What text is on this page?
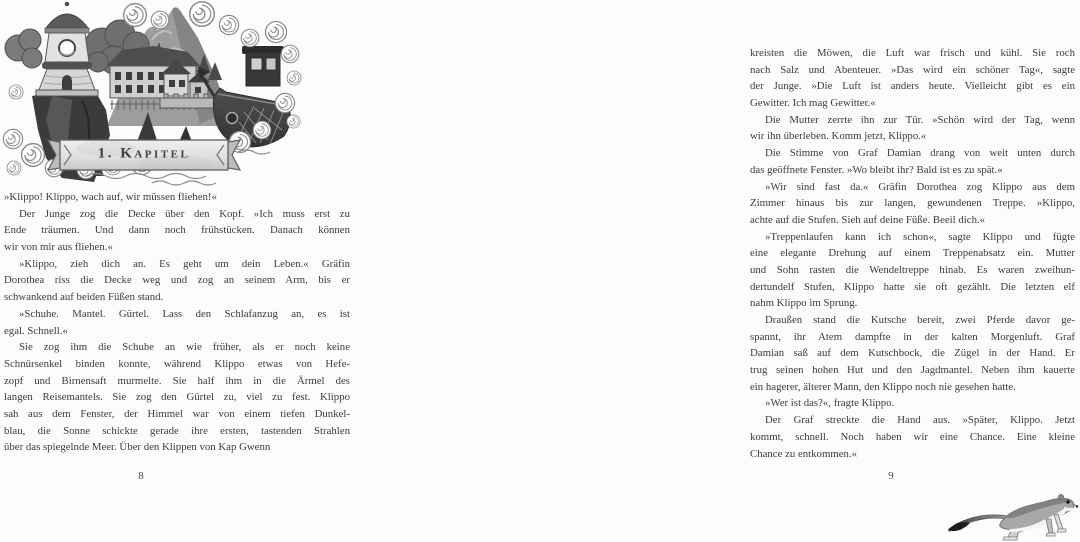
1. Kapitel
»Klippo! Klippo, wach auf, wir müssen fliehen!«
Der Junge zog die Decke über den Kopf. »Ich muss erst zu
Ende träumen. Und dann noch frühstücken. Danach können
wir von mir aus fliehen.«
»Klippo, zieh dich an. Es geht um dein Leben.« Gräfin
Dorothea riss die Decke weg und zog an seinem Arm, bis er
schwankend auf beiden Füßen stand.
»Schuhe. Mantel. Gürtel. Lass den Schlafanzug an, es ist
egal. Schnell.«
Sie zog ihm die Schuhe an wie früher, als er noch keine
Schnürsenkel binden konnte, während Klippo etwas von Hefe-
zopf und Birnensaft murmelte. Sie half ihm in die Ärmel des
langen Reisemantels. Sie zog den Gürtel zu, viel zu fest. Klippo
sah aus dem Fenster, der Himmel war von einem tiefen Dunkel-
blau, die Sonne schickte gerade ihre ersten, tastenden Strahlen
über das spiegelnde Meer. Über den Klippen von Kap Gwenn
8
kreisten die Möwen, die Luft war frisch und kühl. Sie roch
nach Salz und Abenteuer. »Das wird ein schöner Tag«, sagte
der Junge. »Die Luft ist anders heute. Vielleicht gibt es ein
Gewitter. Ich mag Gewitter.«
Die Mutter zerrte ihn zur Tür. »Schön wird der Tag, wenn
wir ihn überleben. Komm jetzt, Klippo.«
Die Stimme von Graf Damian drang von weit unten durch
das geöffnete Fenster. »Wo bleibt ihr? Bald ist es zu spät.«
»Wir sind fast da.« Gräfin Dorothea zog Klippo aus dem
Zimmer hinaus bis zur langen, gewundenen Treppe. »Klippo,
achte auf die Stufen. Sieh auf deine Füße. Beeil dich.«
»Treppenlaufen kann ich schon«, sagte Klippo und fügte
eine elegante Drehung auf einem Treppenabsatz ein. Mutter
und Sohn rasten die Wendeltreppe hinab. Es waren zweihun-
dertundelf Stufen, Klippo hatte sie oft gezählt. Die letzten elf
nahm Klippo im Sprung.
Draußen stand die Kutsche bereit, zwei Pferde davor ge-
spannt, ihr Atem dampfte in der kalten Morgenluft. Graf
Damian saß auf dem Kutschbock, die Zügel in der Hand. Er
trug seinen hohen Hut und den Jagdmantel. Neben ihm kauerte
ein hagerer, älterer Mann, den Klippo noch nie gesehen hatte.
»Wer ist das?«, fragte Klippo.
Der Graf streckte die Hand aus. »Später, Klippo. Jetzt
kommt, schnell. Noch haben wir eine Chance. Eine kleine
Chance zu entkommen.«
9
